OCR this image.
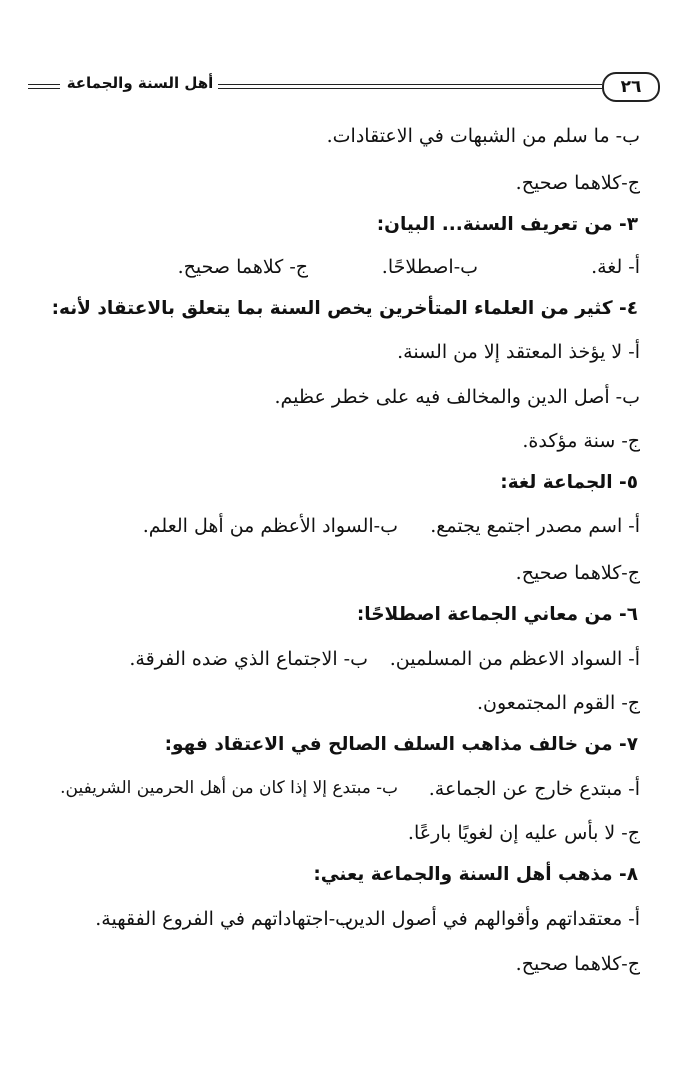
٢٦
أهل السنة والجماعة
ب- ما سلم من الشبهات في الاعتقادات.
ج-كلاهما صحيح.
٣- من تعريف السنة... البيان:
أ- لغة.
ب-اصطلاحًا.
ج- كلاهما صحيح.
٤- كثير من العلماء المتأخرين يخص السنة بما يتعلق بالاعتقاد لأنه:
أ- لا يؤخذ المعتقد إلا من السنة.
ب- أصل الدين والمخالف فيه على خطر عظيم.
ج- سنة مؤكدة.
٥- الجماعة لغة:
أ- اسم مصدر اجتمع يجتمع.
ب-السواد الأعظم من أهل العلم.
ج-كلاهما صحيح.
٦- من معاني الجماعة اصطلاحًا:
أ- السواد الاعظم من المسلمين.
ب- الاجتماع الذي ضده الفرقة.
ج- القوم المجتمعون.
٧- من خالف مذاهب السلف الصالح في الاعتقاد فهو:
أ- مبتدع خارج عن الجماعة.
ب- مبتدع إلا إذا كان من أهل الحرمين الشريفين.
ج- لا بأس عليه إن لغويًا بارعًا.
٨- مذهب أهل السنة والجماعة يعني:
أ- معتقداتهم وأقوالهم في أصول الدين.
ب-اجتهاداتهم في الفروع الفقهية.
ج-كلاهما صحيح.
